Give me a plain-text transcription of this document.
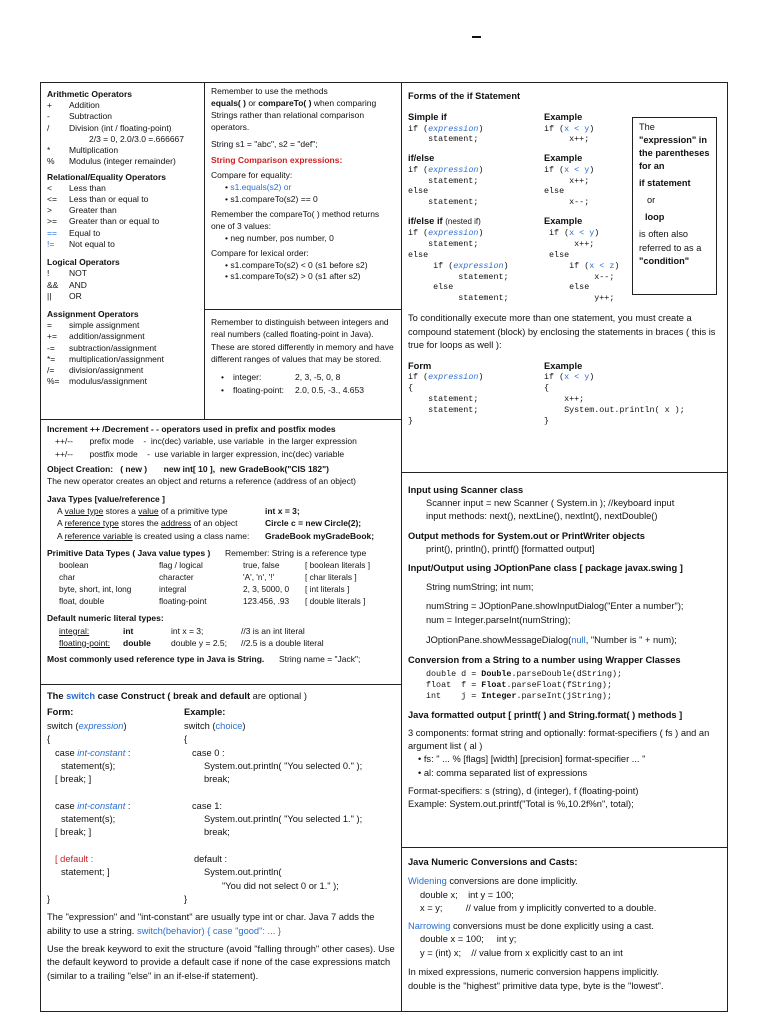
Arithmetic Operators
+	Addition
-	Subtraction
/	Division (int / floating-point)
2/3 = 0, 2.0/3.0 =.666667
*	Multiplication
%	Modulus (integer remainder)
Relational/Equality Operators
<	Less than
<=	Less than or equal to
>	Greater than
>=	Greater than or equal to
==	Equal to
!=	Not equal to
Logical Operators
!	NOT
&&	AND
||	OR
Assignment Operators
=	simple assignment
+=	addition/assignment
-=	subtraction/assignment
*=	multiplication/assignment
/=	division/assignment
%=	modulus/assignment
Remember to use the methods
equals( ) or compareTo( ) when comparing
Strings rather than relational comparison operators.
String s1 = "abc", s2 = "def";
String Comparison expressions:
Compare for equality:
• s1.equals(s2) or
• s1.compareTo(s2) == 0
Remember the compareTo( ) method returns one of 3 values:
• neg number, pos number, 0
Compare for lexical order:
• s1.compareTo(s2) < 0 (s1 before s2)
• s1.compareTo(s2) > 0 (s1 after s2)
Remember to distinguish between integers and real numbers (called floating-point in Java). These are stored differently in memory and have different ranges of values that may be stored.
•	integer:	2, 3, -5, 0, 8
•	floating-point:	2.0, 0.5, -3., 4.653
Increment ++ /Decrement - - operators used in prefix and postfix modes
++/--       prefix mode    -  inc(dec) variable, use variable  in the larger expression
++/--       postfix mode    -  use variable in larger expression, inc(dec) variable
Object Creation:   ( new )       new int[ 10 ],  new GradeBook("CIS 182")
The new operator creates an object and returns a reference (address of an object)
Java Types [value/reference ]
A value type stores a value of a primitive type	int x = 3;
A reference type stores the address of an object	Circle c = new Circle(2);
A reference variable is created using a class name:	GradeBook myGradeBook;
Primitive Data Types ( Java value types )	Remember: String is a reference type
boolean	flag / logical	true, false	[ boolean literals ]
char	character	'A', 'n', '!'	[ char literals ]
byte, short, int, long	integral	2, 3, 5000, 0	[ int literals ]
float, double	floating-point	123.456, .93	[ double literals ]
Default numeric literal types:
integral:	int	int x = 3;	//3 is an int literal
floating-point:	double	double y = 2.5;	//2.5 is a double literal
Most commonly used reference type in Java is String.	String name = "Jack";
The switch case Construct ( break and default are optional )
Form:
switch (expression)
{
case int-constant :
statement(s);
[ break; ]
case int-constant :
statement(s);
[ break; ]
[ default :
statement; ]
}
Example:
switch (choice)
{
case 0 :
System.out.println( "You selected 0." );
break;
case 1:
System.out.println( "You selected 1." );
break;
default :
System.out.println(
"You did not select 0 or 1." );
}
The "expression" and "int-constant" are usually type int or char. Java 7 adds the ability to use a string. switch(behavior) { case "good": ... }
Use the break keyword to exit the structure (avoid "falling through" other cases). Use the default keyword to provide a default case if none of the case expressions match (similar to a trailing "else" in an if-else-if statement).
Forms of the if Statement
Simple if	Example
if (expression)
statement;
if (x < y)
x++;
if/else	Example
if (expression)
statement;
else
statement;
if (x < y)
x++;
else
x--;
if/else if (nested if)	Example
if (expression)
statement;
else
if (expression)
statement;
else
statement;
if (x < y)
x++;
else
if (x < z)
x--;
else
y++;
To conditionally execute more than one statement, you must create a compound statement (block) by enclosing the statements in braces ( this is true for loops as well ):
Form	Example
if (expression)
{
statement;
statement;
}
if (x < y)
{
x++;
System.out.println( x );
}
The
"expression" in the parentheses for an
if statement
or
loop
is often also referred to as a
"condition"
Input using Scanner class
Scanner input = new Scanner ( System.in ); //keyboard input
input methods: next(), nextLine(), nextInt(), nextDouble()
Output methods for System.out or PrintWriter objects
print(), println(), printf() [formatted output]
Input/Output using JOptionPane class [ package javax.swing ]
String numString; int num;
numString = JOptionPane.showInputDialog("Enter a number");
num = Integer.parseInt(numString);
JOptionPane.showMessageDialog(null, "Number is " + num);
Conversion from a String to a number using Wrapper Classes
double d = Double.parseDouble(dString);
float  f = Float.parseFloat(fString);
int    j = Integer.parseInt(jString);
Java formatted output [ printf( ) and String.format( ) methods ]
3 components: format string and optionally: format-specifiers ( fs ) and an argument list ( al )
• fs: " ... % [flags] [width] [precision] format-specifier ... "
• al: comma separated list of expressions
Format-specifiers: s (string), d (integer), f (floating-point)
Example: System.out.printf("Total is %,10.2f%n", total);
Java Numeric Conversions and Casts:
Widening conversions are done implicitly.
double x;    int y = 100;
x = y;         // value from y implicitly converted to a double.
Narrowing conversions must be done explicitly using a cast.
double x = 100;     int y;
y = (int) x;    // value from x explicitly cast to an int
In mixed expressions, numeric conversion happens implicitly.
double is the "highest" primitive data type, byte is the "lowest".
